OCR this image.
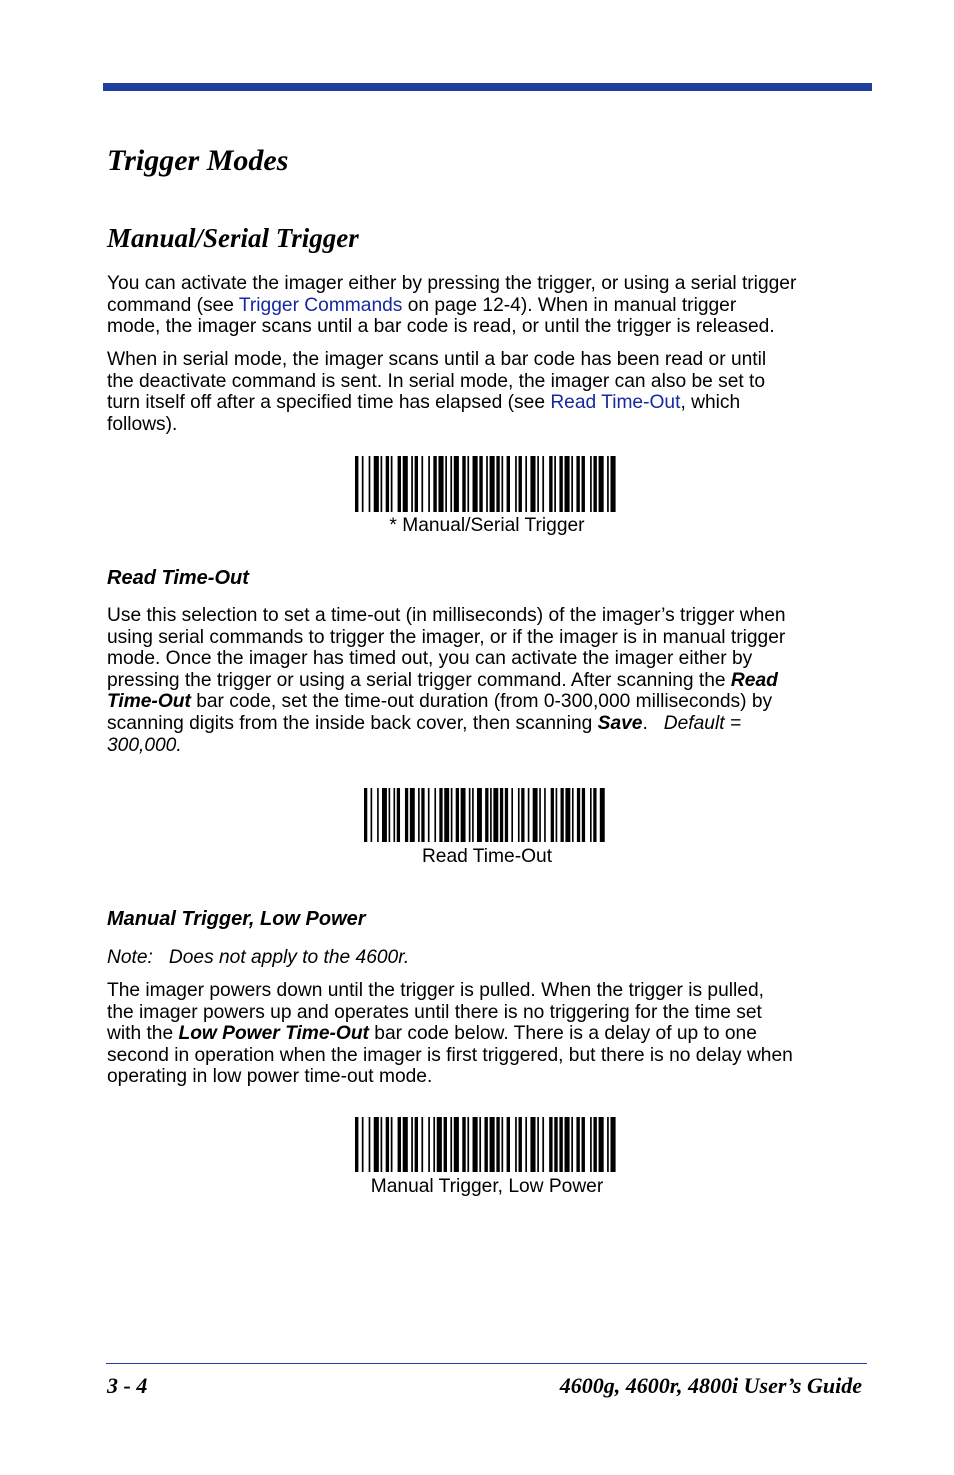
Trigger Modes
Manual/Serial Trigger
You can activate the imager either by pressing the trigger, or using a serial trigger
command (see Trigger Commands on page 12-4). When in manual trigger
mode, the imager scans until a bar code is read, or until the trigger is released.
When in serial mode, the imager scans until a bar code has been read or until
the deactivate command is sent. In serial mode, the imager can also be set to
turn itself off after a specified time has elapsed (see Read Time-Out, which
follows).
* Manual/Serial Trigger
Read Time-Out
Use this selection to set a time-out (in milliseconds) of the imager’s trigger when
using serial commands to trigger the imager, or if the imager is in manual trigger
mode. Once the imager has timed out, you can activate the imager either by
pressing the trigger or using a serial trigger command. After scanning the Read
Time-Out bar code, set the time-out duration (from 0-300,000 milliseconds) by
scanning digits from the inside back cover, then scanning Save.   Default =
300,000.
Read Time-Out
Manual Trigger, Low Power
Note: Does not apply to the 4600r.
The imager powers down until the trigger is pulled. When the trigger is pulled,
the imager powers up and operates until there is no triggering for the time set
with the Low Power Time-Out bar code below. There is a delay of up to one
second in operation when the imager is first triggered, but there is no delay when
operating in low power time-out mode.
Manual Trigger, Low Power
3 - 4	4600g, 4600r, 4800i User’s Guide
